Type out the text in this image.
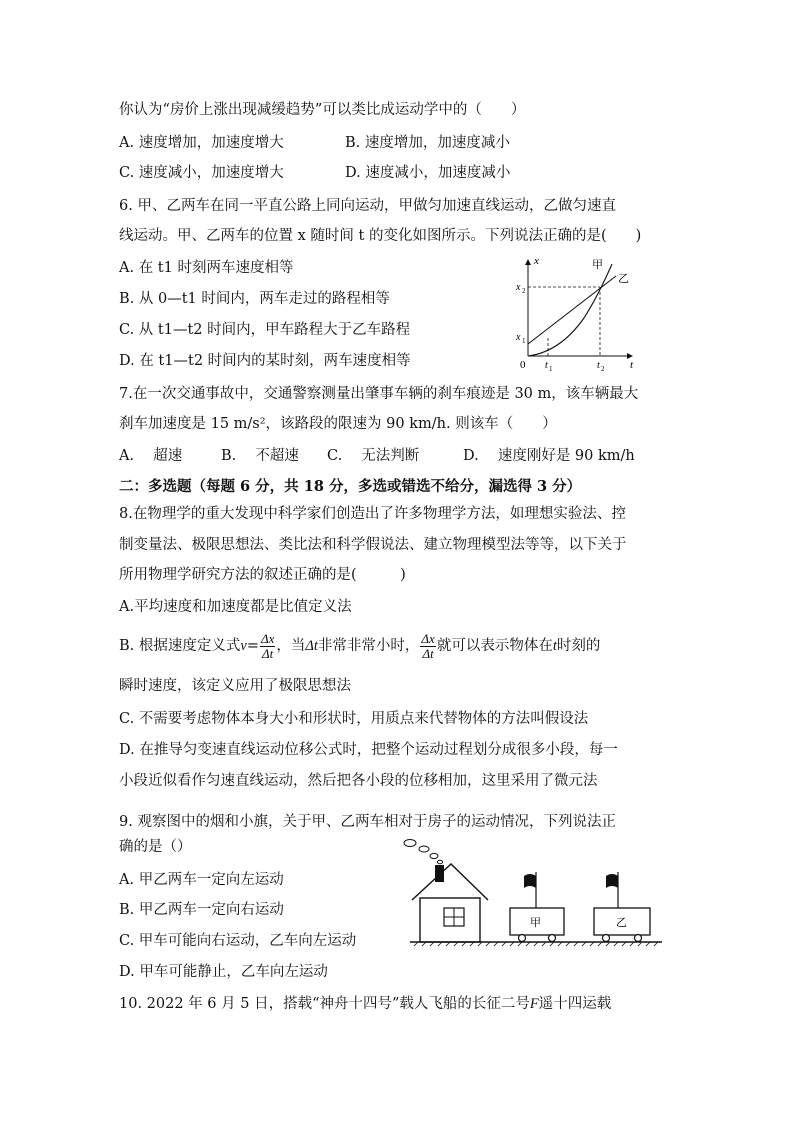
你认为“房价上涨出现减缓趋势”可以类比成运动学中的（　　）
A. 速度增加，加速度增大	B. 速度增加，加速度减小
C. 速度减小，加速度增大	D. 速度减小，加速度减小
6. 甲、乙两车在同一平直公路上同向运动，甲做匀加速直线运动，乙做匀速直
线运动。甲、乙两车的位置 x 随时间 t 的变化如图所示。下列说法正确的是(　　)
A. 在 t1 时刻两车速度相等
B. 从 0—t1 时间内，两车走过的路程相等
C. 从 t1—t2 时间内，甲车路程大于乙车路程
D. 在 t1—t2 时间内的某时刻，两车速度相等
x
t
0
x 1
x 2
t 1	t 2
甲
乙
7.在一次交通事故中，交通警察测量出肇事车辆的刹车痕迹是 30 m，该车辆最大
刹车加速度是 15 m/s²，该路段的限速为 90 km/h. 则该车（　　）
A.　 超速	B.　 不超速 C.　 无法判断	D.　 速度刚好是 90 km/h
二：多选题（每题 6 分，共 18 分，多选或错选不给分，漏选得 3 分）
8.在物理学的重大发现中科学家们创造出了许多物理学方法，如理想实验法、控
制变量法、极限思想法、类比法和科学假说法、建立物理模型法等等，以下关于
所用物理学研究方法的叙述正确的是(　　　)
A.平均速度和加速度都是比值定义法
B. 根据速度定义式$v= \frac{\Delta x}{\Delta t}$ ，当Δt非常非常小时， $\frac{\Delta x}{\Delta t}$ 就可以表示物体在t时刻的
瞬时速度，该定义应用了极限思想法
C. 不需要考虑物体本身大小和形状时，用质点来代替物体的方法叫假设法
D. 在推导匀变速直线运动位移公式时，把整个运动过程划分成很多小段，每一
小段近似看作匀速直线运动，然后把各小段的位移相加，这里采用了微元法
9. 观察图中的烟和小旗，关于甲、乙两车相对于房子的运动情况，下列说法正
确的是（）
A. 甲乙两车一定向左运动
B. 甲乙两车一定向右运动
C. 甲车可能向右运动，乙车向左运动
D. 甲车可能静止，乙车向左运动
甲	乙
10. 2022 年 6 月 5 日，搭载“神舟十四号”载人飞船的长征二号F遥十四运载
